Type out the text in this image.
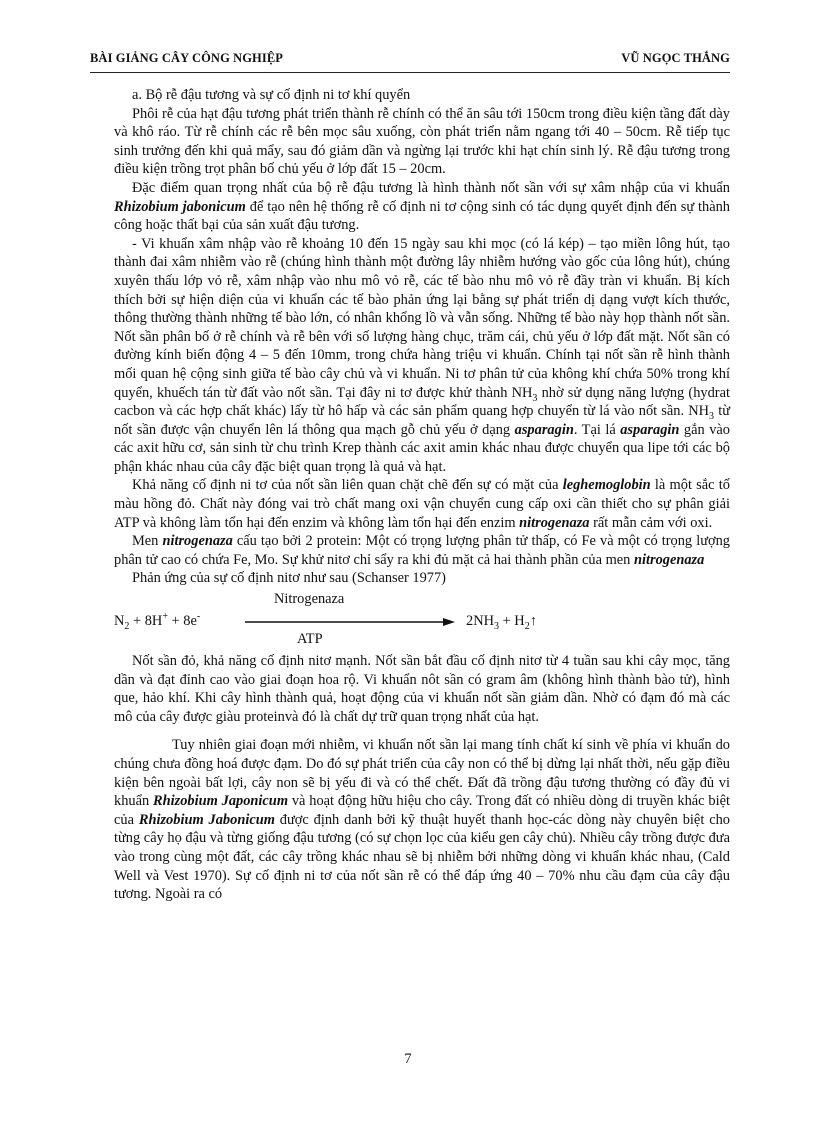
BÀI GIẢNG CÂY CÔNG NGHIỆP	VŨ NGỌC THẮNG

a. Bộ rễ đậu tương và sự cố định ni tơ khí quyển

Phôi rễ của hạt đậu tương phát triển thành rễ chính có thể ăn sâu tới 150cm trong điều kiện tầng đất dày và khô ráo. Từ rễ chính các rễ bên mọc sâu xuống, còn phát triển nằm ngang tới 40 – 50cm. Rễ tiếp tục sinh trưởng đến khi quả mẩy, sau đó giảm dần và ngừng lại trước khi hạt chín sinh lý. Rễ đậu tương trong điều kiện trồng trọt phân bố chủ yếu ở lớp đất 15 – 20cm.

Đặc điểm quan trọng nhất của bộ rễ đậu tương là hình thành nốt sần với sự xâm nhập của vi khuẩn Rhizobium jabonicum để tạo nên hệ thống rễ cố định ni tơ cộng sinh có tác dụng quyết định đến sự thành công hoặc thất bại của sản xuất đậu tương.

- Vi khuẩn xâm nhập vào rễ khoảng 10 đến 15 ngày sau khi mọc (có lá kép) – tạo miền lông hút, tạo thành đai xâm nhiễm vào rễ (chúng hình thành một đường lây nhiễm hướng vào gốc của lông hút), chúng xuyên thấu lớp vỏ rễ, xâm nhập vào nhu mô vỏ rễ, các tế bào nhu mô vỏ rễ đầy tràn vi khuẩn. Bị kích thích bởi sự hiện diện của vi khuẩn các tế bào phản ứng lại bằng sự phát triển dị dạng vượt kích thước, thông thường thành những tế bào lớn, có nhân khổng lồ và vẫn sống. Những tế bào này họp thành nốt sần. Nốt sần phân bố ở rễ chính và rễ bên với số lượng hàng chục, trăm cái, chủ yếu ở lớp đất mặt. Nốt sần có đường kính biến động 4 – 5 đến 10mm, trong chứa hàng triệu vi khuẩn. Chính tại nốt sần rễ hình thành mối quan hệ cộng sinh giữa tế bào cây chủ và vi khuẩn. Ni tơ phân tử của không khí chứa 50% trong khí quyển, khuếch tán từ đất vào nốt sần. Tại đây ni tơ được khử thành $NH_3$ nhờ sử dụng năng lượng (hydrat cacbon và các hợp chất khác) lấy từ hô hấp và các sản phẩm quang hợp chuyển từ lá vào nốt sần. $NH_3$ từ nốt sần được vận chuyển lên lá thông qua mạch gỗ chủ yếu ở dạng asparagin. Tại lá asparagin gắn vào các axit hữu cơ, sản sinh từ chu trình Krep thành các axit amin khác nhau được chuyển qua lipe tới các bộ phận khác nhau của cây đặc biệt quan trọng là quả và hạt.

Khả năng cố định ni tơ của nốt sần liên quan chặt chẽ đến sự có mặt của leghemoglobin là một sắc tố màu hồng đỏ. Chất này đóng vai trò chất mang oxi vận chuyển cung cấp oxi cần thiết cho sự phân giải ATP và không làm tổn hại đến enzim và không làm tổn hại đến enzim nitrogenaza rất mẫn cảm với oxi.

Men nitrogenaza cấu tạo bởi 2 protein: Một có trọng lượng phân tử thấp, có Fe và một có trọng lượng phân tử cao có chứa Fe, Mo. Sự khử nitơ chỉ sẩy ra khi đủ mặt cả hai thành phần của men nitrogenaza

Phản ứng của sự cố định nitơ như sau (Schanser 1977)

$N_2 + 8H^+ + 8e^-$
Nitrogenaza
ATP
$2NH_3$ + $H_2↑$

Nốt sần đỏ, khả năng cố định nitơ mạnh. Nốt sần bắt đầu cố định nitơ từ 4 tuần sau khi cây mọc, tăng dần và đạt đỉnh cao vào giai đoạn hoa rộ. Vi khuẩn nôt sần có gram âm (không hình thành bào tử), hình que, hảo khí. Khi cây hình thành quả, hoạt động của vi khuẩn nốt sần giảm dần. Nhờ có đạm đó mà các mô của cây được giàu proteinvà đó là chất dự trữ quan trọng nhất của hạt.

Tuy nhiên giai đoạn mới nhiễm, vi khuẩn nốt sần lại mang tính chất kí sinh về phía vi khuẩn do chúng chưa đồng hoá được đạm. Do đó sự phát triển của cây non có thể bị dừng lại nhất thời, nếu gặp điều kiện bên ngoài bất lợi, cây non sẽ bị yếu đi và có thể chết. Đất đã trồng đậu tương thường có đầy đủ vi khuẩn Rhizobium Japonicum và hoạt động hữu hiệu cho cây. Trong đất có nhiều dòng di truyền khác biệt của Rhizobium Jabonicum được định danh bởi kỹ thuật huyết thanh học-các dòng này chuyên biệt cho từng cây họ đậu và từng giống đậu tương (có sự chọn lọc của kiểu gen cây chủ). Nhiều cây trồng được đưa vào trong cùng một đất, các cây trồng khác nhau sẽ bị nhiễm bởi những dòng vi khuẩn khác nhau, (Cald Well và Vest 1970). Sự cố định ni tơ của nốt sần rễ có thể đáp ứng 40 – 70% nhu cầu đạm của cây đậu tương. Ngoài ra có

7
